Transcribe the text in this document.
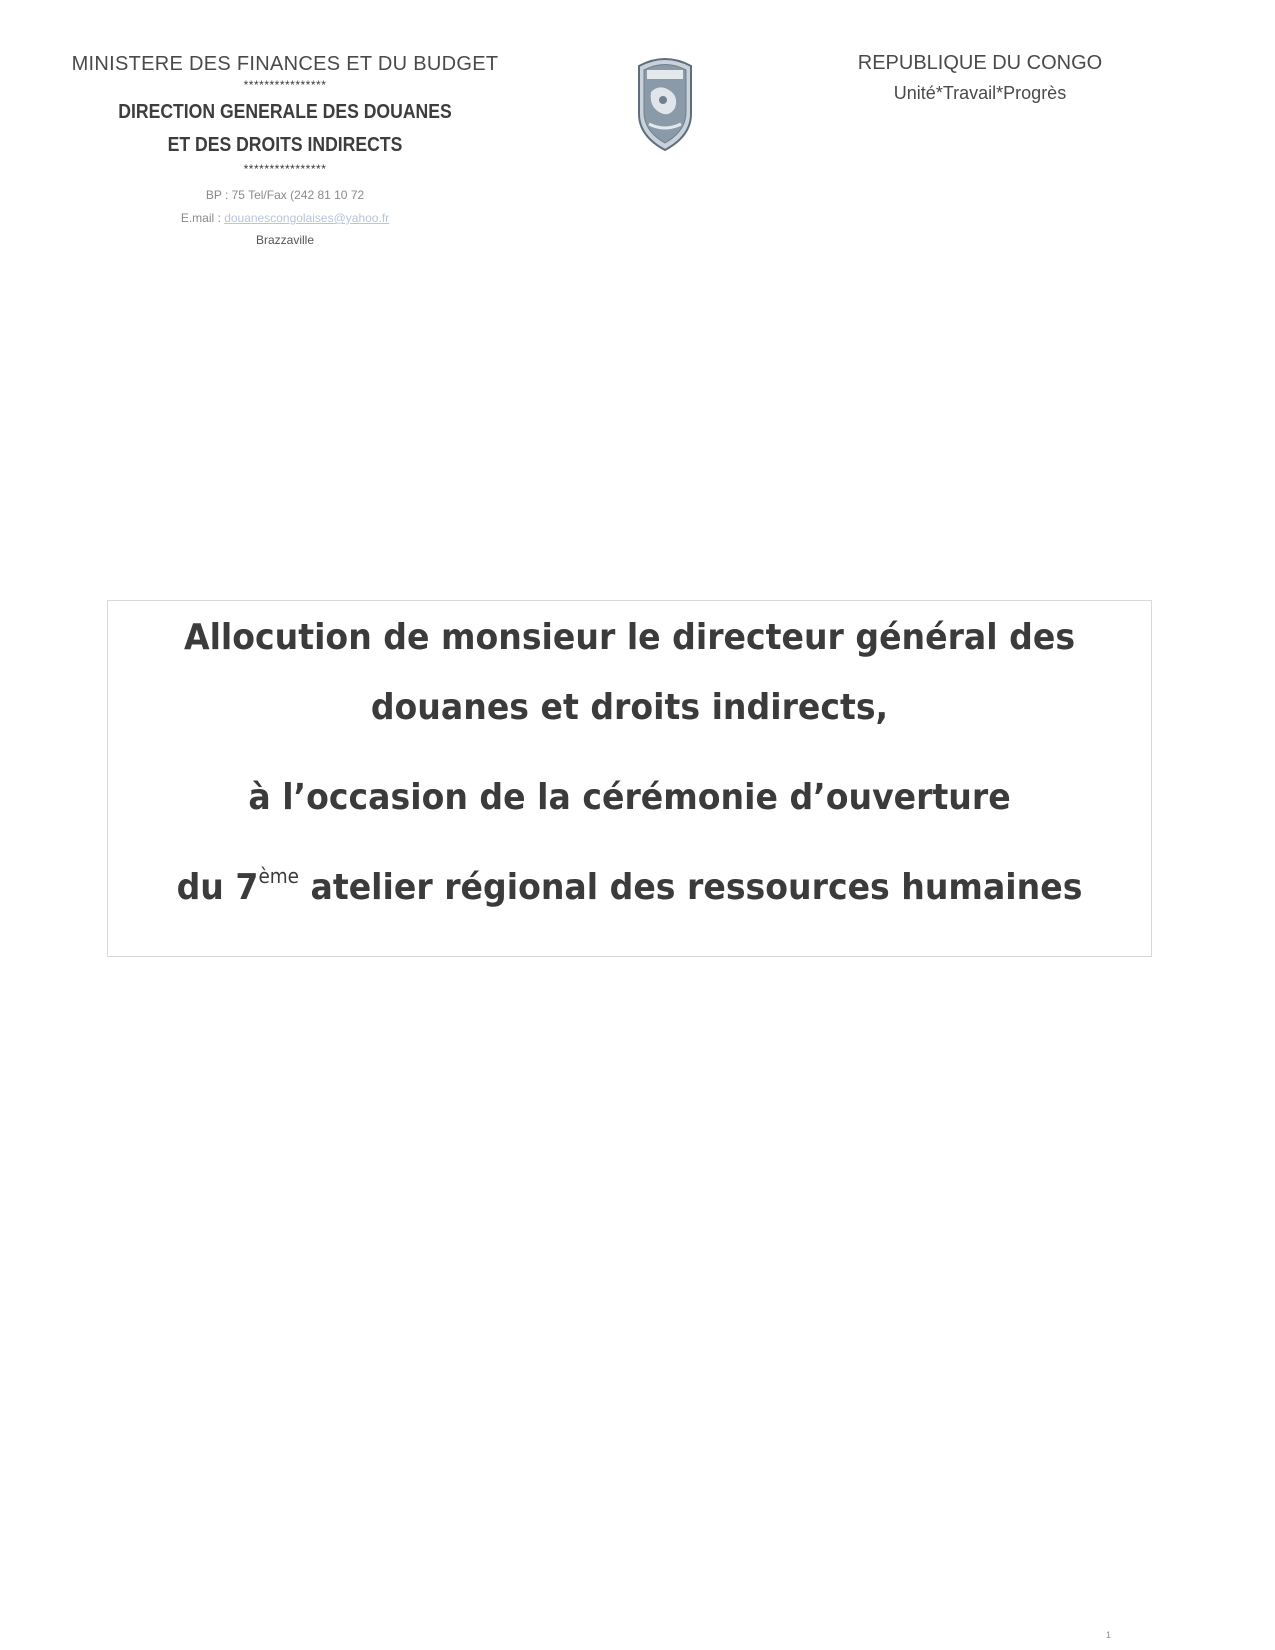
MINISTERE DES FINANCES ET DU BUDGET
****************
DIRECTION GENERALE DES DOUANES
ET DES DROITS INDIRECTS
****************
BP : 75 Tel/Fax (242 81 10 72
E.mail : douanescongolaises@yahoo.fr
Brazzaville
REPUBLIQUE DU CONGO
Unité*Travail*Progrès
Allocution de monsieur le directeur général des
douanes et droits indirects,
à l’occasion de la cérémonie d’ouverture
du 7ème atelier régional des ressources humaines
1
